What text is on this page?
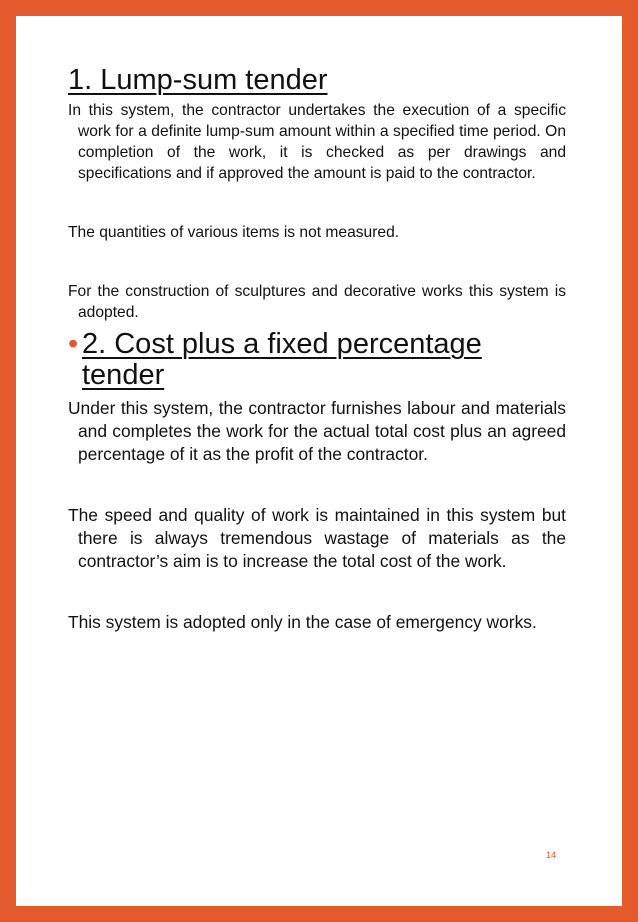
1. Lump-sum tender

In this system, the contractor undertakes the execution of a specific work for a definite lump-sum amount within a specified time period. On completion of the work, it is checked as per drawings and specifications and if approved the amount is paid to the contractor.

The quantities of various items is not measured.

For the construction of sculptures and decorative works this system is adopted.

• 2. Cost plus a fixed percentage tender

Under this system, the contractor furnishes labour and materials and completes the work for the actual total cost plus an agreed percentage of it as the profit of the contractor.

The speed and quality of work is maintained in this system but there is always tremendous wastage of materials as the contractor’s aim is to increase the total cost of the work.

This system is adopted only in the case of emergency works.

14
